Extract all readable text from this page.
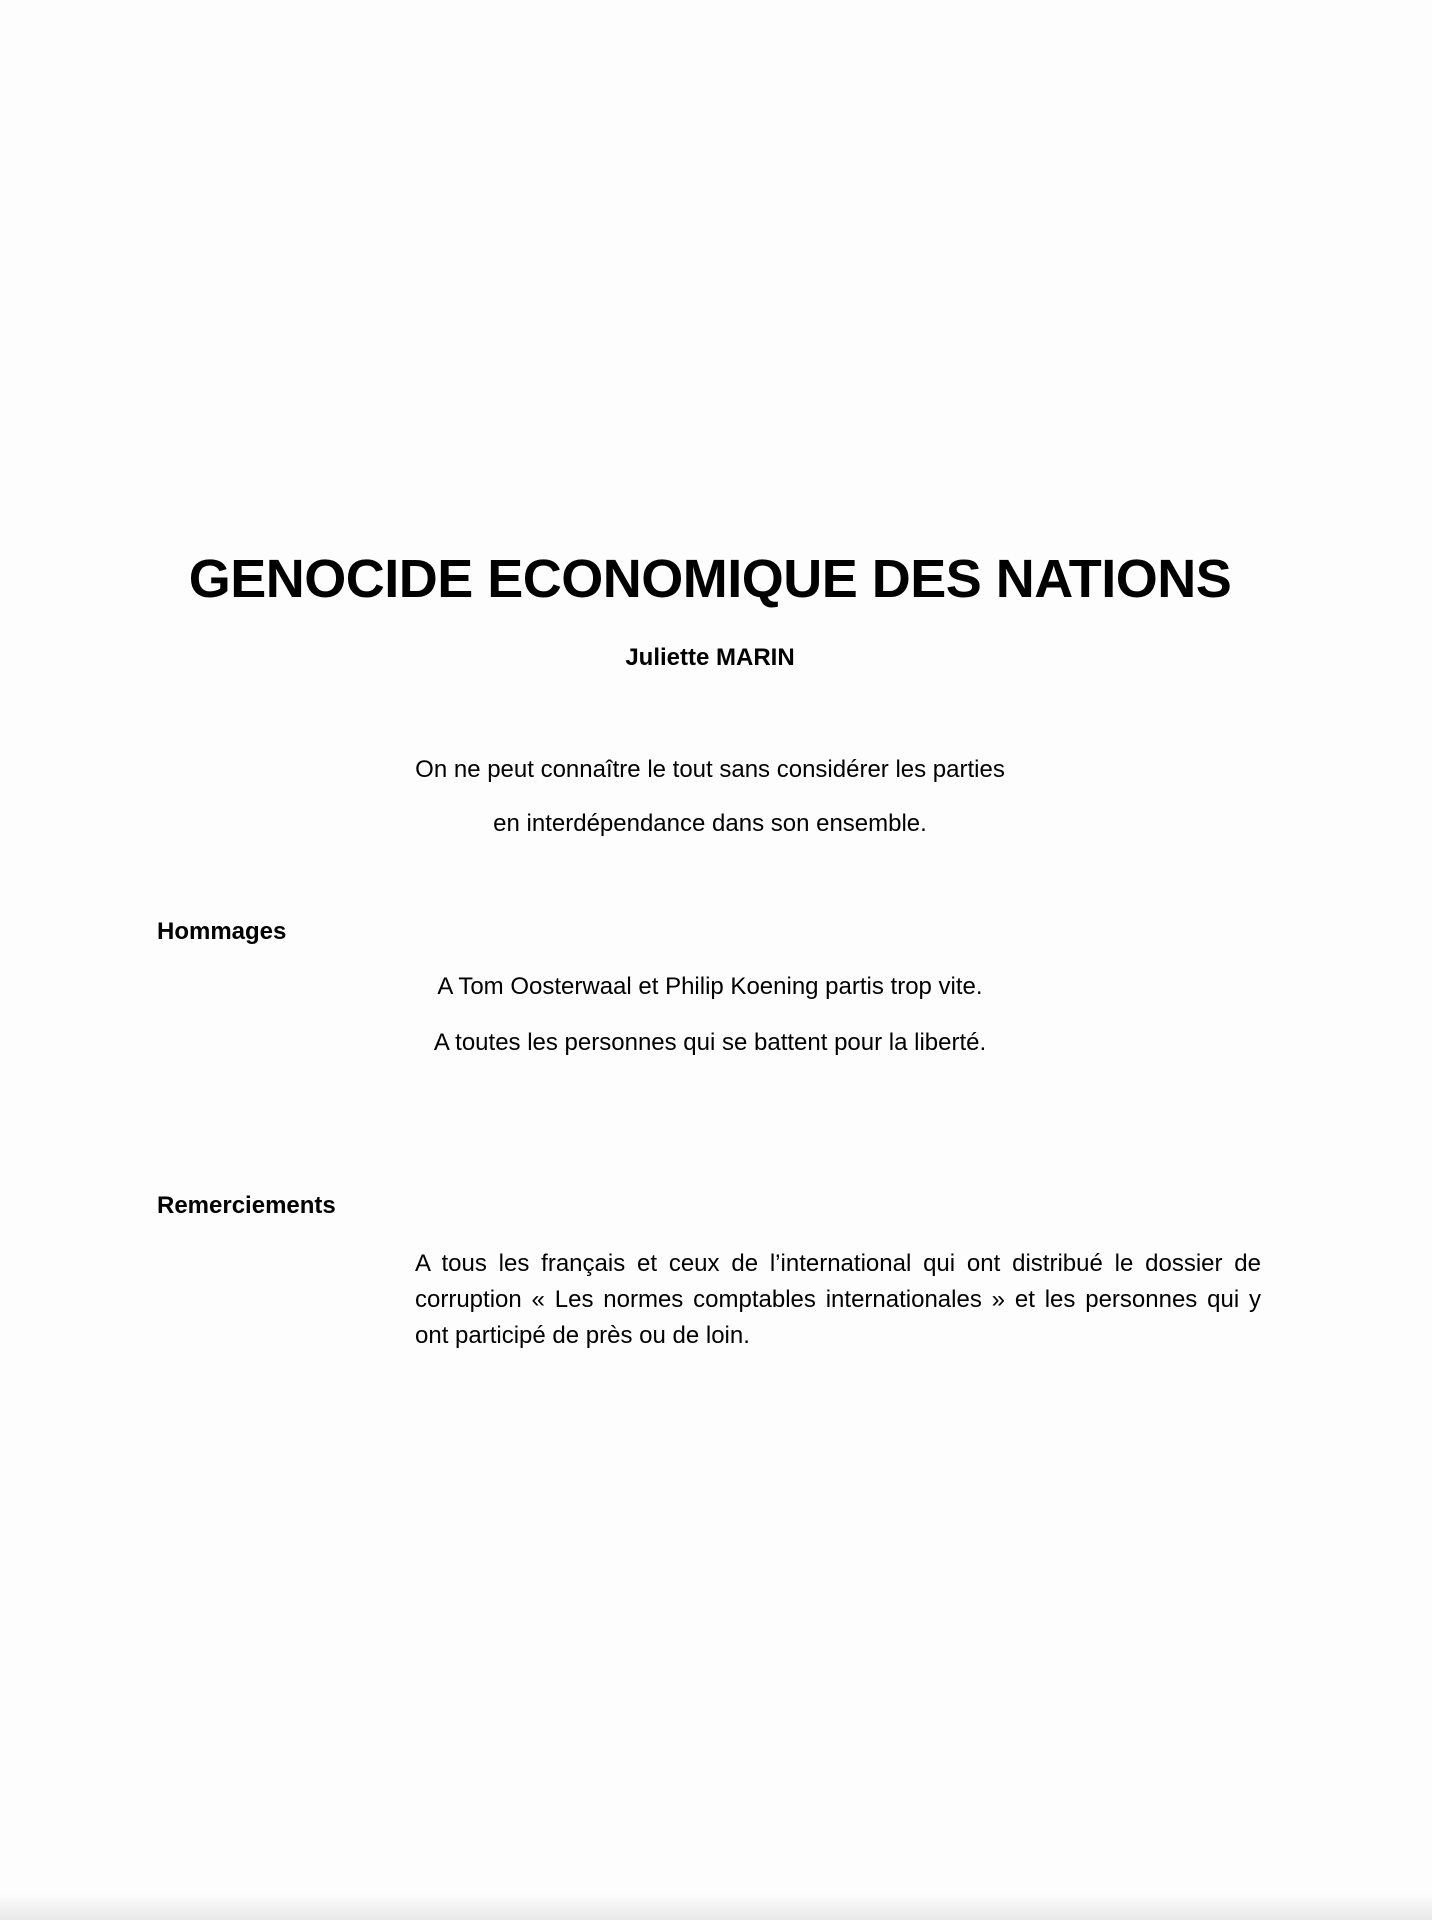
GENOCIDE ECONOMIQUE DES NATIONS
Juliette MARIN
On ne peut connaître le tout sans considérer les parties
en interdépendance dans son ensemble.
Hommages
A Tom Oosterwaal et Philip Koening partis trop vite.
A toutes les personnes qui se battent pour la liberté.
Remerciements
A tous les français et ceux de l’international qui ont distribué le dossier de corruption « Les normes comptables internationales » et les personnes qui y ont participé de près ou de loin.
